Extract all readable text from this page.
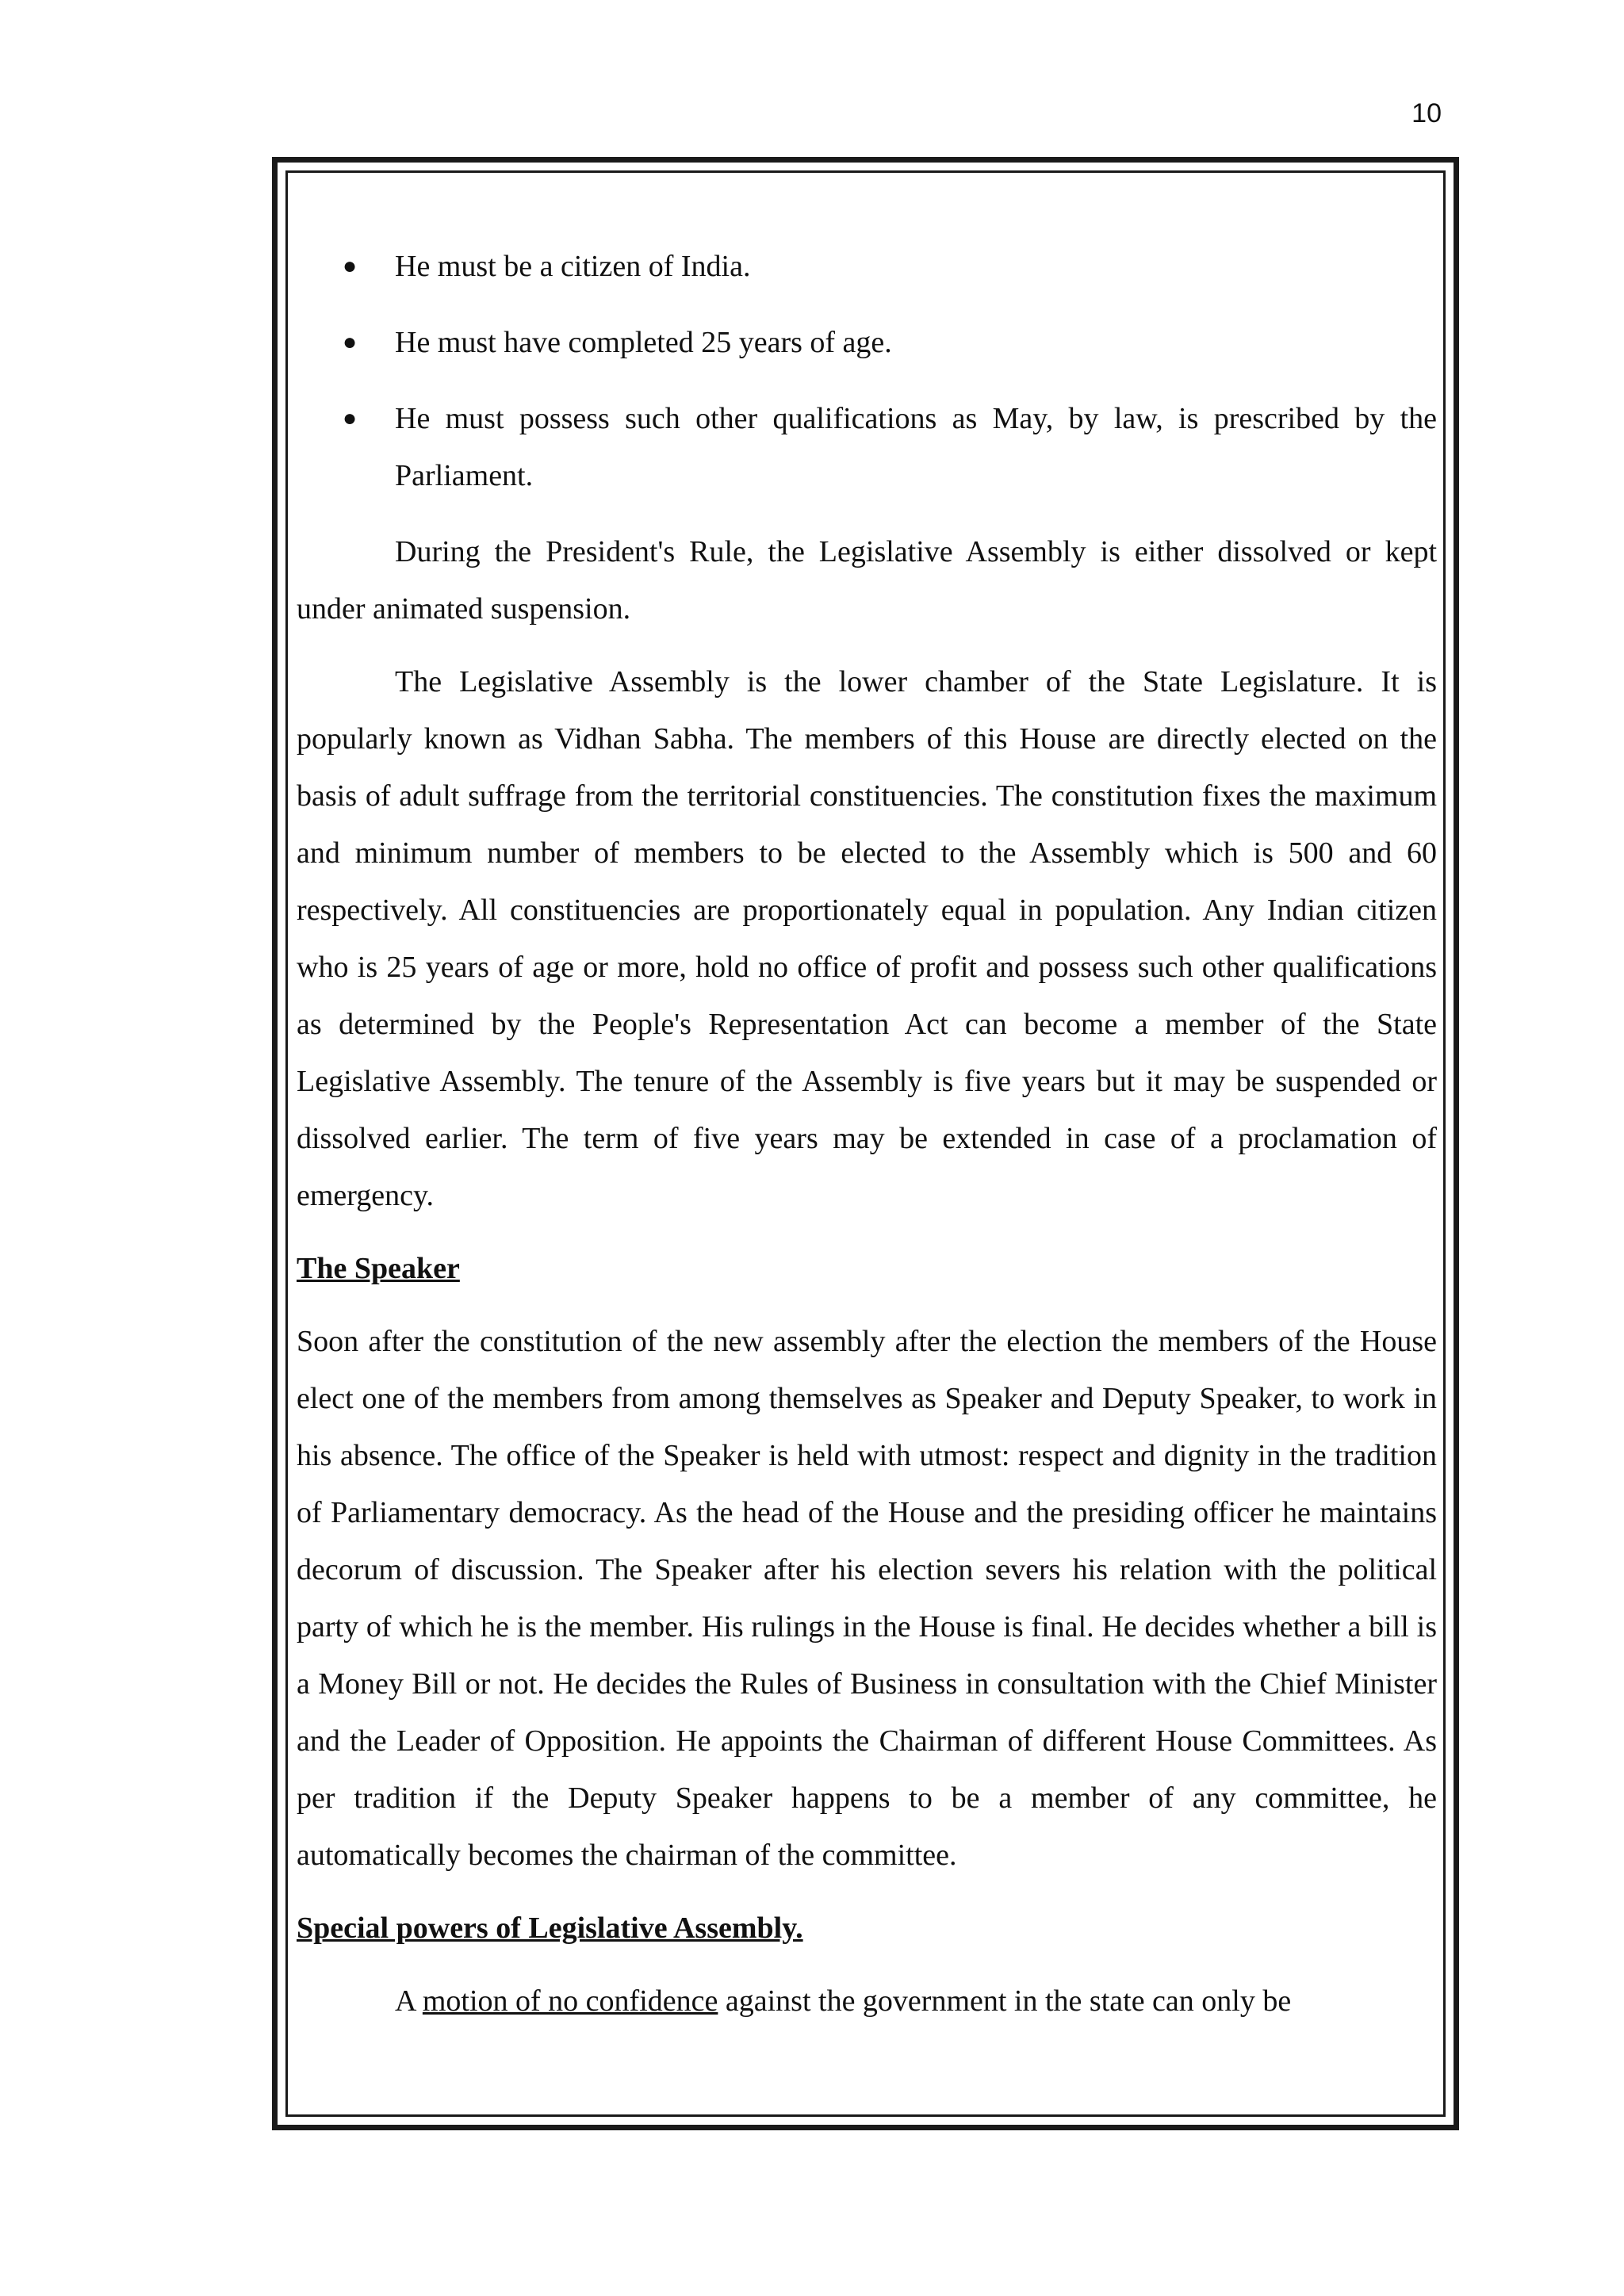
10
● He must be a citizen of India.
● He must have completed 25 years of age.
● He must possess such other qualifications as May, by law, is prescribed by the Parliament.

During the President's Rule, the Legislative Assembly is either dissolved or kept under animated suspension.

The Legislative Assembly is the lower chamber of the State Legislature. It is popularly known as Vidhan Sabha. The members of this House are directly elected on the basis of adult suffrage from the territorial constituencies. The constitution fixes the maximum and minimum number of members to be elected to the Assembly which is 500 and 60 respectively. All constituencies are proportionately equal in population. Any Indian citizen who is 25 years of age or more, hold no office of profit and possess such other qualifications as determined by the People's Representation Act can become a member of the State Legislative Assembly. The tenure of the Assembly is five years but it may be suspended or dissolved earlier. The term of five years may be extended in case of a proclamation of emergency.

The Speaker

Soon after the constitution of the new assembly after the election the members of the House elect one of the members from among themselves as Speaker and Deputy Speaker, to work in his absence. The office of the Speaker is held with utmost: respect and dignity in the tradition of Parliamentary democracy. As the head of the House and the presiding officer he maintains decorum of discussion. The Speaker after his election severs his relation with the political party of which he is the member. His rulings in the House is final. He decides whether a bill is a Money Bill or not. He decides the Rules of Business in consultation with the Chief Minister and the Leader of Opposition. He appoints the Chairman of different House Committees. As per tradition if the Deputy Speaker happens to be a member of any committee, he automatically becomes the chairman of the committee.

Special powers of Legislative Assembly.

A motion of no confidence against the government in the state can only be
